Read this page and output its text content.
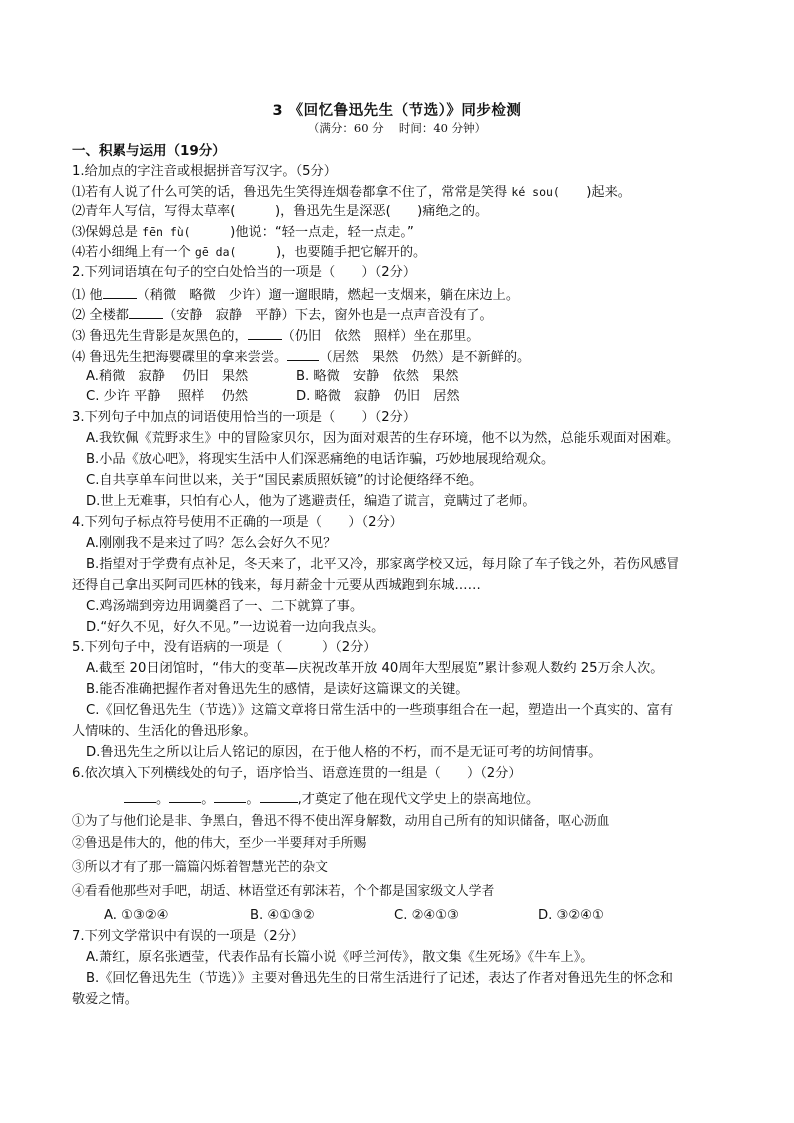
3 《回忆鲁迅先生（节选）》同步检测
（满分：60 分　 时间：40 分钟）
一、积累与运用（19分）
1.给加点的字注音或根据拼音写汉字。（5分）
⑴若有人说了什么可笑的话，鲁迅先生笑得连烟卷都拿不住了，常常是笑得 ké sou(　　)起来。
⑵青年人写信，写得太草率(　　　)，鲁迅先生是深恶(　　)痛绝之的。
⑶保姆总是 fēn fù(　　　)他说：“轻一点走，轻一点走。”
⑷若小细绳上有一个 gē da(　　　)，也要随手把它解开的。
2.下列词语填在句子的空白处恰当的一项是（　　）（2分）
⑴ 他	（稍微　略微　少许）遛一遛眼睛，燃起一支烟来，躺在床边上。
⑵ 全楼都	（安静　寂静　平静）下去，窗外也是一点声音没有了。
⑶ 鲁迅先生背影是灰黑色的，	（仍旧　依然　照样）坐在那里。
⑷ 鲁迅先生把海婴碟里的拿来尝尝。 （居然　果然　仍然）是不新鲜的。
A.稍微　寂静　 仍旧　果然	B. 略微　安静　依然　果然
C. 少许 平静　 照样　 仍然	D. 略微　寂静　仍旧　居然
3.下列句子中加点的词语使用恰当的一项是（　　）（2分）
A.我钦佩《荒野求生》中的冒险家贝尔，因为面对艰苦的生存环境，他不以为然，总能乐观面对困难。
B.小品《放心吧》，将现实生活中人们深恶痛绝的电话诈骗，巧妙地展现给观众。
C.自共享单车问世以来，关于“国民素质照妖镜”的讨论便络绎不绝。
D.世上无难事，只怕有心人，他为了逃避责任，编造了谎言，竟瞒过了老师。
4.下列句子标点符号使用不正确的一项是（　　）（2分）
A.刚刚我不是来过了吗？怎么会好久不见？
B.指望对于学费有点补足，冬天来了，北平又冷，那家离学校又远，每月除了车子钱之外，若伤风感冒
还得自己拿出买阿司匹林的钱来，每月薪金十元要从西城跑到东城……
C.鸡汤端到旁边用调羹舀了一、二下就算了事。
D.“好久不见，好久不见。”一边说着一边向我点头。
5.下列句子中，没有语病的一项是（　　　）（2分）
A.截至 20日闭馆时，“伟大的变革—庆祝改革开放 40周年大型展览”累计参观人数约 25万余人次。
B.能否准确把握作者对鲁迅先生的感情，是读好这篇课文的关键。
C.《回忆鲁迅先生（节选）》这篇文章将日常生活中的一些琐事组合在一起，塑造出一个真实的、富有
人情味的、生活化的鲁迅形象。
D.鲁迅先生之所以让后人铭记的原因，在于他人格的不朽，而不是无证可考的坊间情事。
6.依次填入下列横线处的句子，语序恰当、语意连贯的一组是（　　）（2分）
。 。 。	,才奠定了他在现代文学史上的崇高地位。
①为了与他们论是非、争黑白，鲁迅不得不使出浑身解数，动用自己所有的知识储备，呕心沥血
②鲁迅是伟大的，他的伟大，至少一半要拜对手所赐
③所以才有了那一篇篇闪烁着智慧光芒的杂文
④看看他那些对手吧，胡适、林语堂还有郭沫若，个个都是国家级文人学者
A. ①③②④	B. ④①③②	C. ②④①③	D. ③②④①
7.下列文学常识中有误的一项是（2分）
A.萧红，原名张迺莹，代表作品有长篇小说《呼兰河传》，散文集《生死场》《牛车上》。
B.《回忆鲁迅先生（节选）》主要对鲁迅先生的日常生活进行了记述，表达了作者对鲁迅先生的怀念和
敬爱之情。
